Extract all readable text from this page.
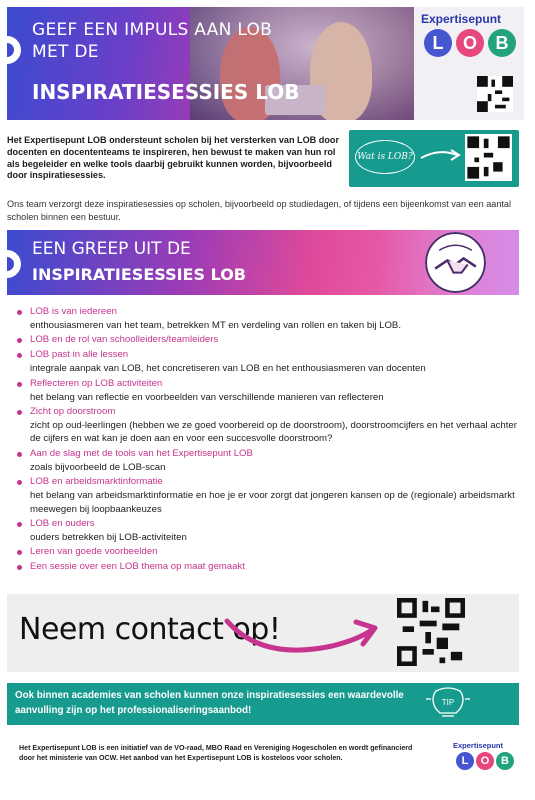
GEEF EEN IMPULS AAN LOB
MET DE
INSPIRATIESESSIES LOB
Expertisepunt
L	O	B

Het Expertisepunt LOB ondersteunt scholen bij het versterken van LOB door docenten en docententeams te inspireren, hen bewust te maken van hun rol als begeleider en welke tools daarbij gebruikt kunnen worden, bijvoorbeeld door inspiratiesessies.

Wat is LOB?

Ons team verzorgt deze inspiratiesessies op scholen, bijvoorbeeld op studiedagen, of tijdens een bijeenkomst van een aantal scholen binnen een bestuur.

EEN GREEP UIT DE
INSPIRATIESESSIES LOB
LOB is van iedereen
enthousiasmeren van het team, betrekken MT en verdeling van rollen en taken bij LOB.
LOB en de rol van schoolleiders/teamleiders
LOB past in alle lessen
integrale aanpak van LOB, het concretiseren van LOB en het enthousiasmeren van docenten
Reflecteren op LOB activiteiten
het belang van reflectie en voorbeelden van verschillende manieren van reflecteren
Zicht op doorstroom
zicht op oud-leerlingen (hebben we ze goed voorbereid op de doorstroom), doorstroomcijfers en het verhaal achter de cijfers en wat kan je doen aan en voor een succesvolle doorstroom?
Aan de slag met de tools van het Expertisepunt LOB
zoals bijvoorbeeld de LOB-scan
LOB en arbeidsmarktinformatie
het belang van arbeidsmarktinformatie en hoe je er voor zorgt dat jongeren kansen op de (regionale) arbeidsmarkt meewegen bij loopbaankeuzes
LOB en ouders
ouders betrekken bij LOB-activiteiten
Leren van goede voorbeelden
Een sessie over een LOB thema op maat gemaakt
Neem contact op!

Ook binnen academies van scholen kunnen onze inspiratiesessies een waardevolle aanvulling zijn op het professionaliseringsaanbod!

TIP

Het Expertisepunt LOB is een initiatief van de VO-raad, MBO Raad en Vereniging Hogescholen en wordt gefinancierd door het ministerie van OCW. Het aanbod van het Expertisepunt LOB is kosteloos voor scholen.

Expertisepunt
L	O	B
